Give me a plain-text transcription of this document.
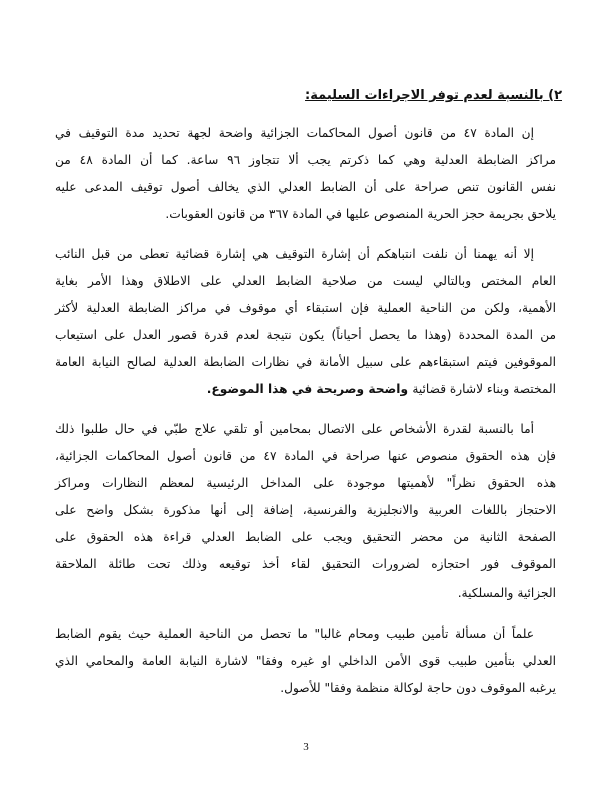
٢) بالنسبة لعدم توفر الاجراءات السليمة:
إن المادة ٤٧ من قانون أصول المحاكمات الجزائية واضحة لجهة تحديد مدة التوقيف في
مراكز الضابطة العدلية وهي كما ذكرتم يجب ألا تتجاوز ٩٦ ساعة. كما أن المادة ٤٨ من
نفس القانون تنص صراحة على أن الضابط العدلي الذي يخالف أصول توقيف المدعى عليه
يلاحق بجريمة حجز الحرية المنصوص عليها في المادة ٣٦٧ من قانون العقوبات.
إلا أنه يهمنا أن نلفت انتباهكم أن إشارة التوقيف هي إشارة قضائية تعطى من قبل النائب
العام المختص وبالتالي ليست من صلاحية الضابط العدلي على الاطلاق وهذا الأمر بغاية
الأهمية، ولكن من الناحية العملية فإن استبقاء أي موقوف في مراكز الضابطة العدلية لأكثر
من المدة المحددة (وهذا ما يحصل أحياناً) يكون نتيجة لعدم قدرة قصور العدل على استيعاب
الموقوفين فيتم استبقاءهم على سبيل الأمانة في نظارات الضابطة العدلية لصالح النيابة العامة
المختصة وبناء لاشارة قضائية واضحة وصريحة في هذا الموضوع.
أما بالنسبة لقدرة الأشخاص على الاتصال بمحامين أو تلقي علاج طبّي في حال طلبوا ذلك
فإن هذه الحقوق منصوص عنها صراحة في المادة ٤٧ من قانون أصول المحاكمات الجزائية،
هذه الحقوق نظراً" لأهميتها موجودة على المداخل الرئيسية لمعظم النظارات ومراكز
الاحتجاز باللغات العربية والانجليزية والفرنسية، إضافة إلى أنها مذكورة بشكل واضح على
الصفحة الثانية من محضر التحقيق ويجب على الضابط العدلي قراءة هذه الحقوق على
الموقوف فور احتجازه لضرورات التحقيق لقاء أخذ توقيعه وذلك تحت طائلة الملاحقة
الجزائية والمسلكية.
علماً أن مسألة تأمين طبيب ومحام غالبا" ما تحصل من الناحية العملية حيث يقوم الضابط
العدلي بتأمين طبيب قوى الأمن الداخلي او غيره وفقا" لاشارة النيابة العامة والمحامي الذي
يرغبه الموقوف دون حاجة لوكالة منظمة وفقا" للأصول.
3
